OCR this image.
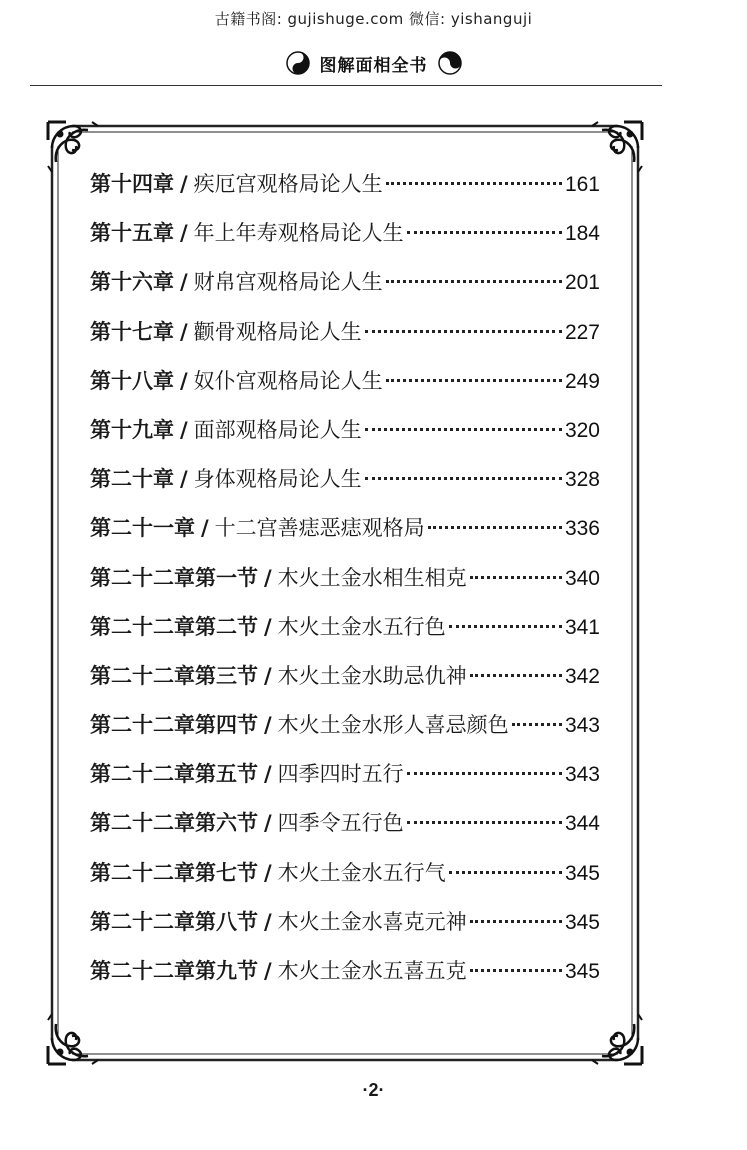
古籍书阁: gujishuge.com 微信: yishanguji
图解面相全书
第十四章 / 疾厄宫观格局论人生	161
第十五章 / 年上年寿观格局论人生	184
第十六章 / 财帛宫观格局论人生	201
第十七章 / 颧骨观格局论人生	227
第十八章 / 奴仆宫观格局论人生	249
第十九章 / 面部观格局论人生	320
第二十章 / 身体观格局论人生	328
第二十一章 / 十二宫善痣恶痣观格局	336
第二十二章第一节 / 木火土金水相生相克	340
第二十二章第二节 / 木火土金水五行色	341
第二十二章第三节 / 木火土金水助忌仇神	342
第二十二章第四节 / 木火土金水形人喜忌颜色	343
第二十二章第五节 / 四季四时五行	343
第二十二章第六节 / 四季令五行色	344
第二十二章第七节 / 木火土金水五行气	345
第二十二章第八节 / 木火土金水喜克元神	345
第二十二章第九节 / 木火土金水五喜五克	345
·2·
